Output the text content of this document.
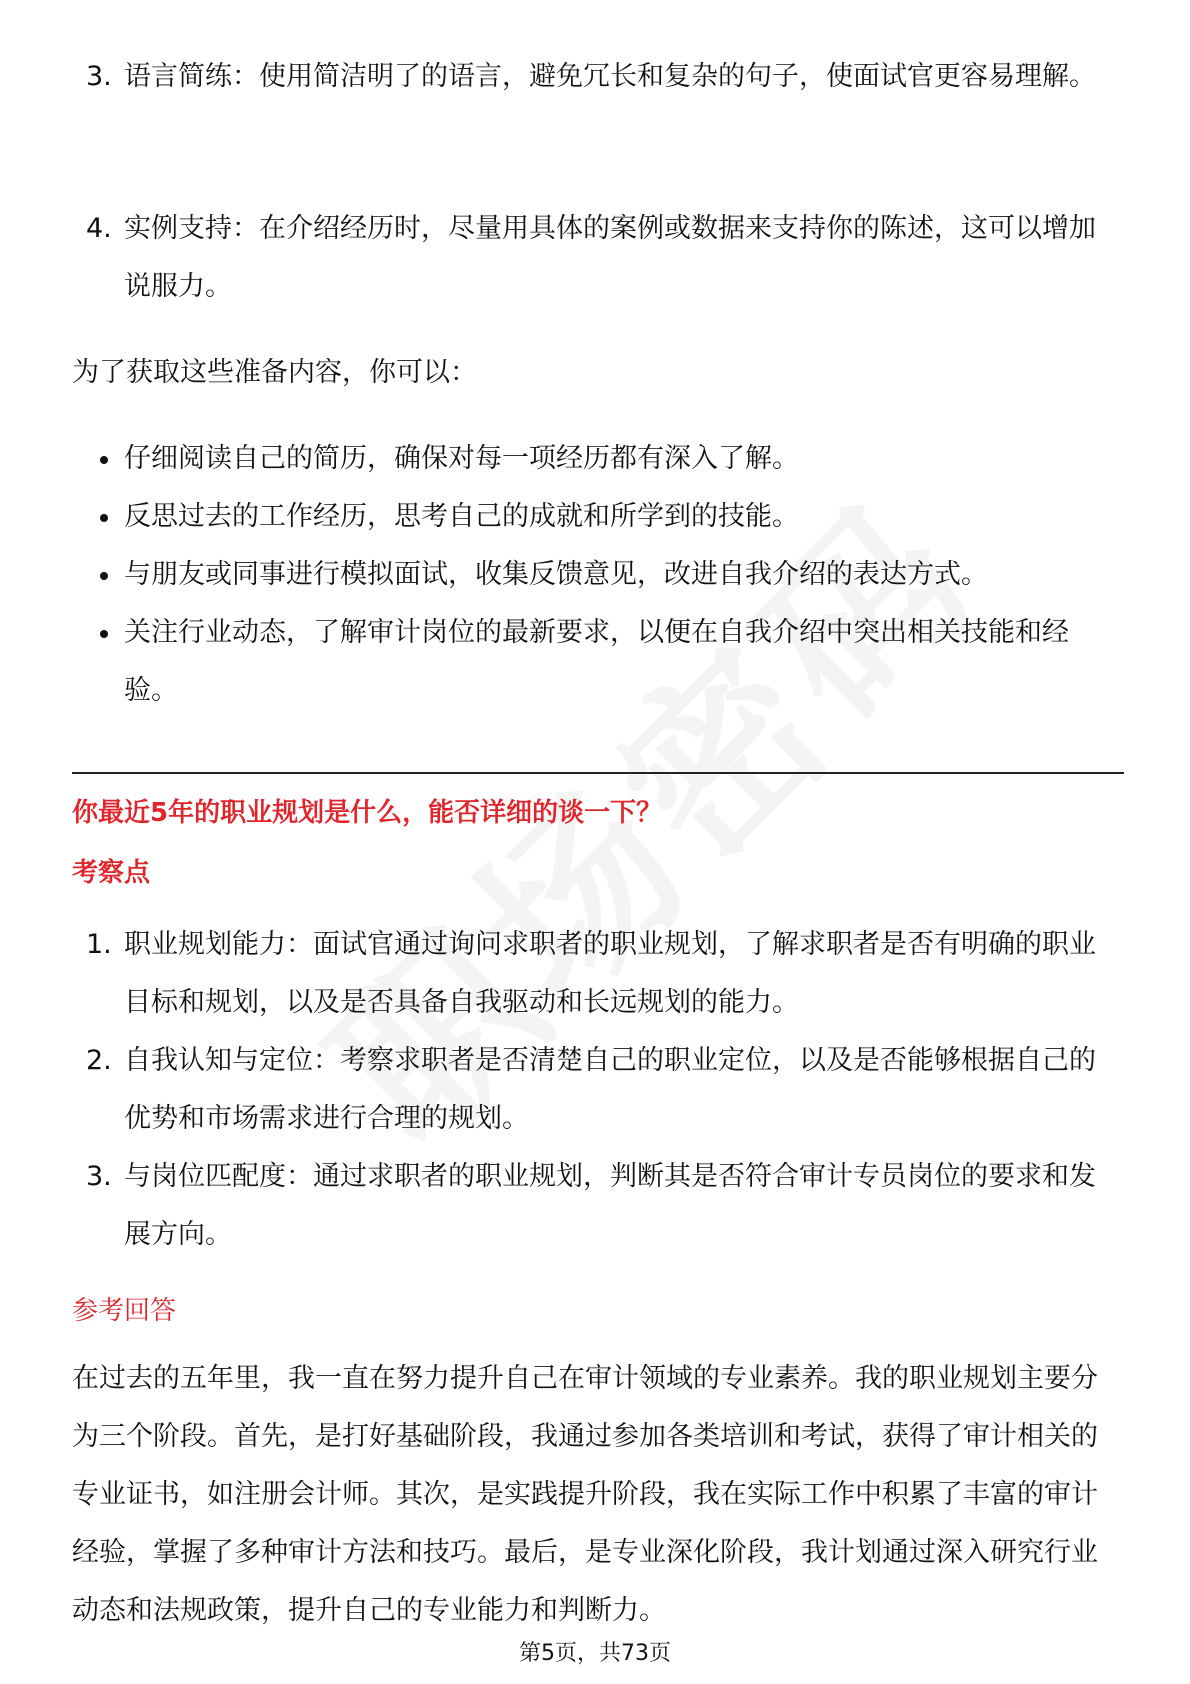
3. 语言简练：使用简洁明了的语言，避免冗长和复杂的句子，使面试官更容易理解。
4. 实例支持：在介绍经历时，尽量用具体的案例或数据来支持你的陈述，这可以增加说服力。
为了获取这些准备内容，你可以：
仔细阅读自己的简历，确保对每一项经历都有深入了解。
反思过去的工作经历，思考自己的成就和所学到的技能。
与朋友或同事进行模拟面试，收集反馈意见，改进自我介绍的表达方式。
关注行业动态，了解审计岗位的最新要求，以便在自我介绍中突出相关技能和经验。
你最近5年的职业规划是什么，能否详细的谈一下？
考察点
1. 职业规划能力：面试官通过询问求职者的职业规划，了解求职者是否有明确的职业目标和规划，以及是否具备自我驱动和长远规划的能力。
2. 自我认知与定位：考察求职者是否清楚自己的职业定位，以及是否能够根据自己的优势和市场需求进行合理的规划。
3. 与岗位匹配度：通过求职者的职业规划，判断其是否符合审计专员岗位的要求和发展方向。
参考回答
在过去的五年里，我一直在努力提升自己在审计领域的专业素养。我的职业规划主要分为三个阶段。首先，是打好基础阶段，我通过参加各类培训和考试，获得了审计相关的专业证书，如注册会计师。其次，是实践提升阶段，我在实际工作中积累了丰富的审计经验，掌握了多种审计方法和技巧。最后，是专业深化阶段，我计划通过深入研究行业动态和法规政策，提升自己的专业能力和判断力。
第5页，共73页
